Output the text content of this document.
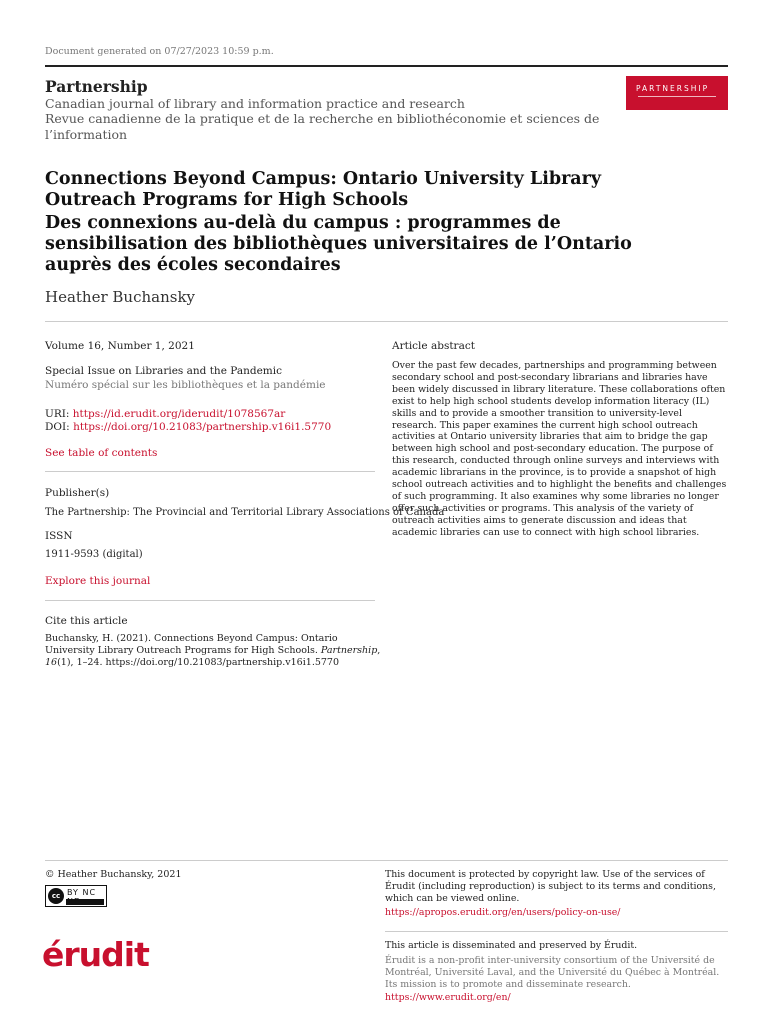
Document generated on 07/27/2023 10:59 p.m.
Partnership
Canadian journal of library and information practice and research
Revue canadienne de la pratique et de la recherche en bibliothéconomie et sciences de l’information
PARTNERSHIP
Connections Beyond Campus: Ontario University Library Outreach Programs for High Schools
Des connexions au-delà du campus : programmes de sensibilisation des bibliothèques universitaires de l’Ontario auprès des écoles secondaires
Heather Buchansky
Volume 16, Number 1, 2021
Special Issue on Libraries and the Pandemic
Numéro spécial sur les bibliothèques et la pandémie
URI: https://id.erudit.org/iderudit/1078567ar
DOI: https://doi.org/10.21083/partnership.v16i1.5770
See table of contents
Publisher(s)
The Partnership: The Provincial and Territorial Library Associations of Canada
ISSN
1911-9593 (digital)
Explore this journal
Cite this article
Buchansky, H. (2021). Connections Beyond Campus: Ontario University Library Outreach Programs for High Schools. Partnership, 16(1), 1–24. https://doi.org/10.21083/partnership.v16i1.5770
Article abstract
Over the past few decades, partnerships and programming between secondary school and post-secondary librarians and libraries have been widely discussed in library literature. These collaborations often exist to help high school students develop information literacy (IL) skills and to provide a smoother transition to university-level research. This paper examines the current high school outreach activities at Ontario university libraries that aim to bridge the gap between high school and post-secondary education. The purpose of this research, conducted through online surveys and interviews with academic librarians in the province, is to provide a snapshot of high school outreach activities and to highlight the benefits and challenges of such programming. It also examines why some libraries no longer offer such activities or programs. This analysis of the variety of outreach activities aims to generate discussion and ideas that academic libraries can use to connect with high school libraries.
© Heather Buchansky, 2021
cc BY NC
This document is protected by copyright law. Use of the services of Érudit (including reproduction) is subject to its terms and conditions, which can be viewed online.
https://apropos.erudit.org/en/users/policy-on-use/
This article is disseminated and preserved by Érudit.
Érudit is a non-profit inter-university consortium of the Université de Montréal, Université Laval, and the Université du Québec à Montréal. Its mission is to promote and disseminate research.
https://www.erudit.org/en/
érudit
